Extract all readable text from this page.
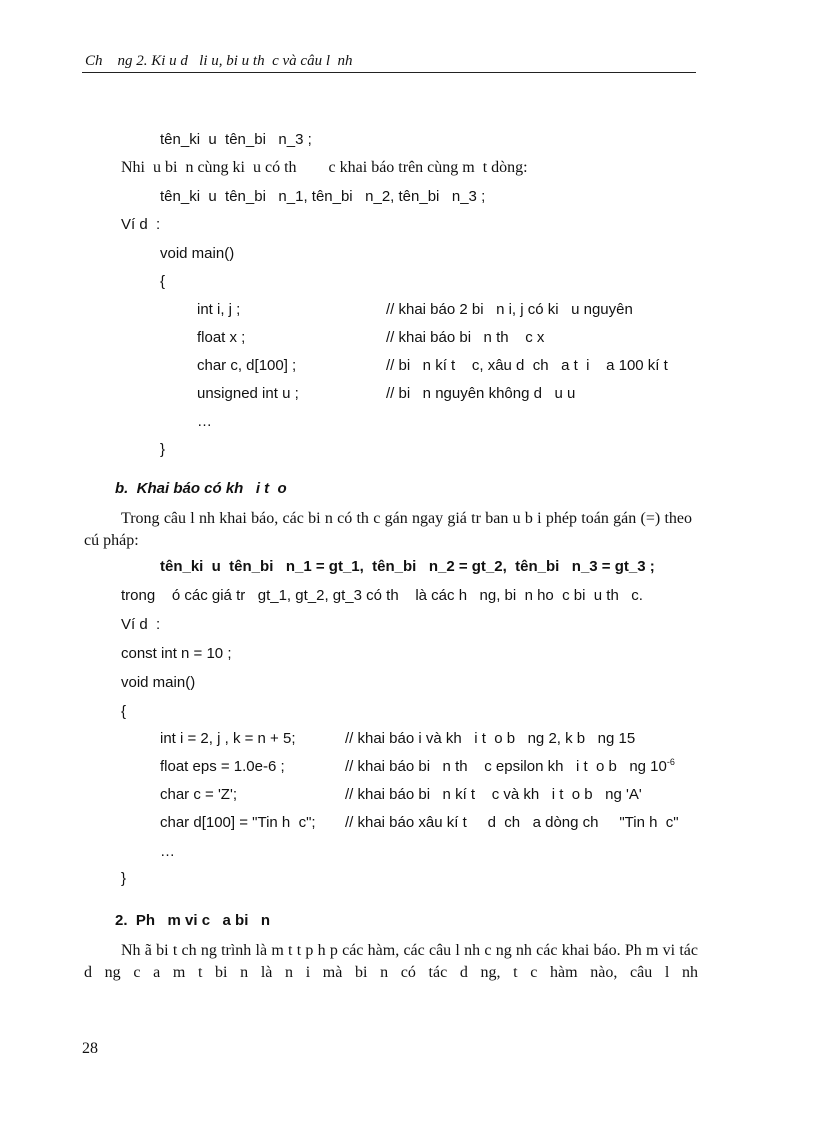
Ch    ng 2. Ki u d   li u, bi u th  c và câu l  nh
tên_ki  u  tên_bi   n_3 ;
Nhi  u bi  n cùng ki  u có th        c khai báo trên cùng m  t dòng:
tên_ki  u  tên_bi   n_1, tên_bi   n_2, tên_bi   n_3 ;
Ví d  :
void main()
{
int i, j ;	// khai báo 2 bi   n i, j có ki   u nguyên
float x ;	// khai báo bi   n th    c x
char c, d[100] ;	// bi   n kí t    c, xâu d  ch   a t  i    a 100 kí t
unsigned int u ;	// bi   n nguyên không d   u u
…
}
b.  Khai báo có kh   i t  o
Trong câu l nh khai báo, các bi n có th c gán ngay giá tr ban u b i phép toán gán (=) theo cú pháp:
tên_ki  u  tên_bi   n_1 = gt_1,  tên_bi   n_2 = gt_2,  tên_bi   n_3 = gt_3 ;
trong    ó các giá tr   gt_1, gt_2, gt_3 có th    là các h   ng, bi  n ho  c bi  u th   c.
Ví d  :
const int n = 10 ;
void main()
{
int i = 2, j , k = n + 5;	// khai báo i và kh   i t  o b   ng 2, k b   ng 15
float eps = 1.0e-6 ;	// khai báo bi   n th    c epsilon kh   i t  o b   ng $10^{-6}$
char c = 'Z';	// khai báo bi   n kí t    c và kh   i t  o b   ng 'A'
char d[100] = "Tin h  c"; // khai báo xâu kí t     d  ch   a dòng ch     "Tin h  c"
…
}
2.  Ph   m vi c   a bi   n
Nh ã bi t ch ng trình là m t t p h p các hàm, các câu l nh c ng nh các khai báo. Ph m vi tác d ng c a m t bi n là n i mà bi n có tác d ng, t c hàm nào, câu l nh
28
